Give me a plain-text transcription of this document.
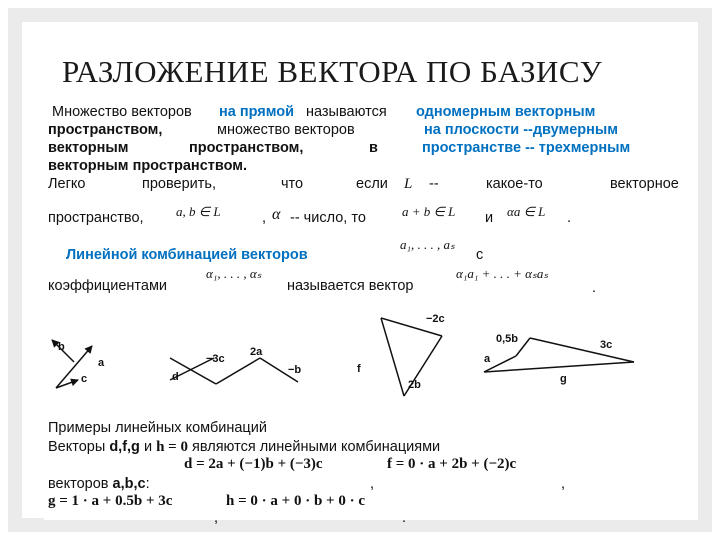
РАЗЛОЖЕНИЕ ВЕКТОРА ПО БАЗИСУ
Множество векторов на прямой называются одномерным векторным
пространством,	множество векторов	на плоскости --двумерным
векторным	пространством,	в	пространстве -- трехмерным
векторным пространством.
Легко	проверить,	что	если L --	какое-то	векторное
пространство, a, b ∈ L	, α -- число, то	a + b ∈ L и αa ∈ L .
Линейной комбинацией векторов
a₁, . . . , aₛ
с
коэффициентами
α₁, . . . , αₛ
называется вектор
α₁a₁ + . . . + αₛaₛ
.
b
a
c
−3c
2a
d
−b
−2c
f
2b
0,5b
a
3c
g
Примеры линейных комбинаций
Векторы d,f,g и h = 0 являются линейными комбинациями
d = 2a + (−1)b + (−3)c	f = 0 · a + 2b + (−2)c
векторов a,b,c:	,	,
g = 1 · a + 0.5b + 3c	h = 0 · a + 0 · b + 0 · c
,	.
